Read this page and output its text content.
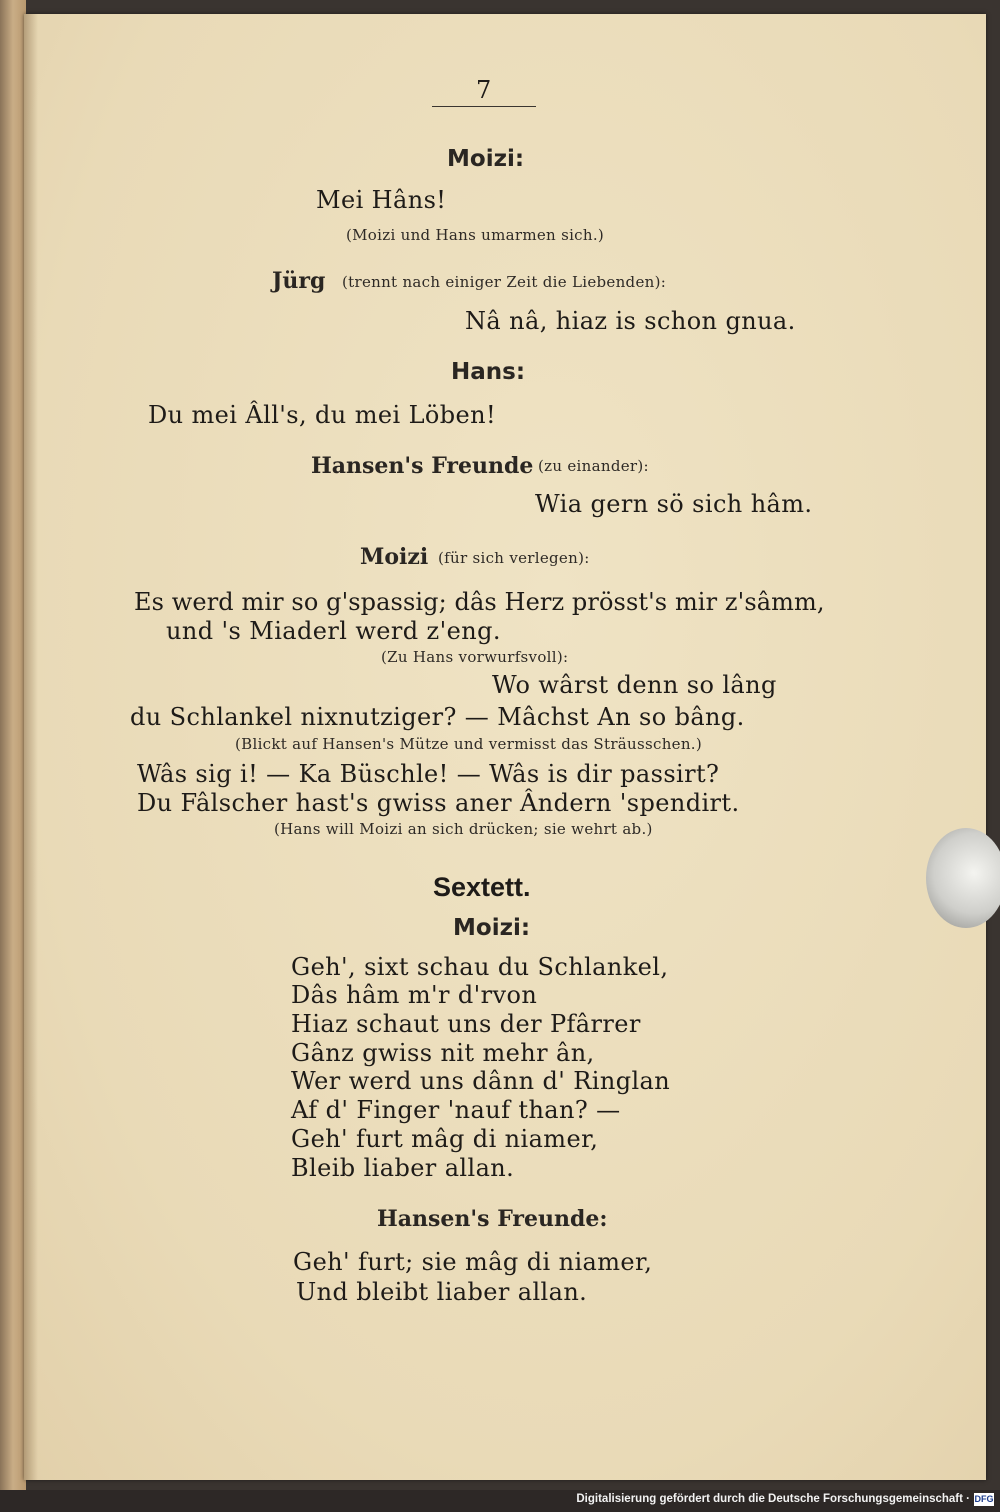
7
Moizi:
Mei Hâns!
(Moizi und Hans umarmen sich.)
Jürg (trennt nach einiger Zeit die Liebenden):
Nâ nâ, hiaz is schon gnua.
Hans:
Du mei Âll's, du mei Löben!
Hansen's Freunde (zu einander):
Wia gern sö sich hâm.
Moizi (für sich verlegen):
Es werd mir so g'spassig; dâs Herz prösst's mir z'sâmm,
und 's Miaderl werd z'eng.
(Zu Hans vorwurfsvoll):
Wo wârst denn so lâng
du Schlankel nixnutziger? — Mâchst An so bâng.
(Blickt auf Hansen's Mütze und vermisst das Sträusschen.)
Wâs sig i! — Ka Büschle! — Wâs is dir passirt?
Du Fâlscher hast's gwiss aner Ândern 'spendirt.
(Hans will Moizi an sich drücken; sie wehrt ab.)
Sextett.
Moizi:
Geh', sixt schau du Schlankel,
Dâs hâm m'r d'rvon
Hiaz schaut uns der Pfârrer
Gânz gwiss nit mehr ân,
Wer werd uns dânn d' Ringlan
Af d' Finger 'nauf than? —
Geh' furt mâg di niamer,
Bleib liaber allan.
Hansen's Freunde:
Geh' furt; sie mâg di niamer,
Und bleibt liaber allan.
Digitalisierung gefördert durch die Deutsche Forschungsgemeinschaft · DFG
